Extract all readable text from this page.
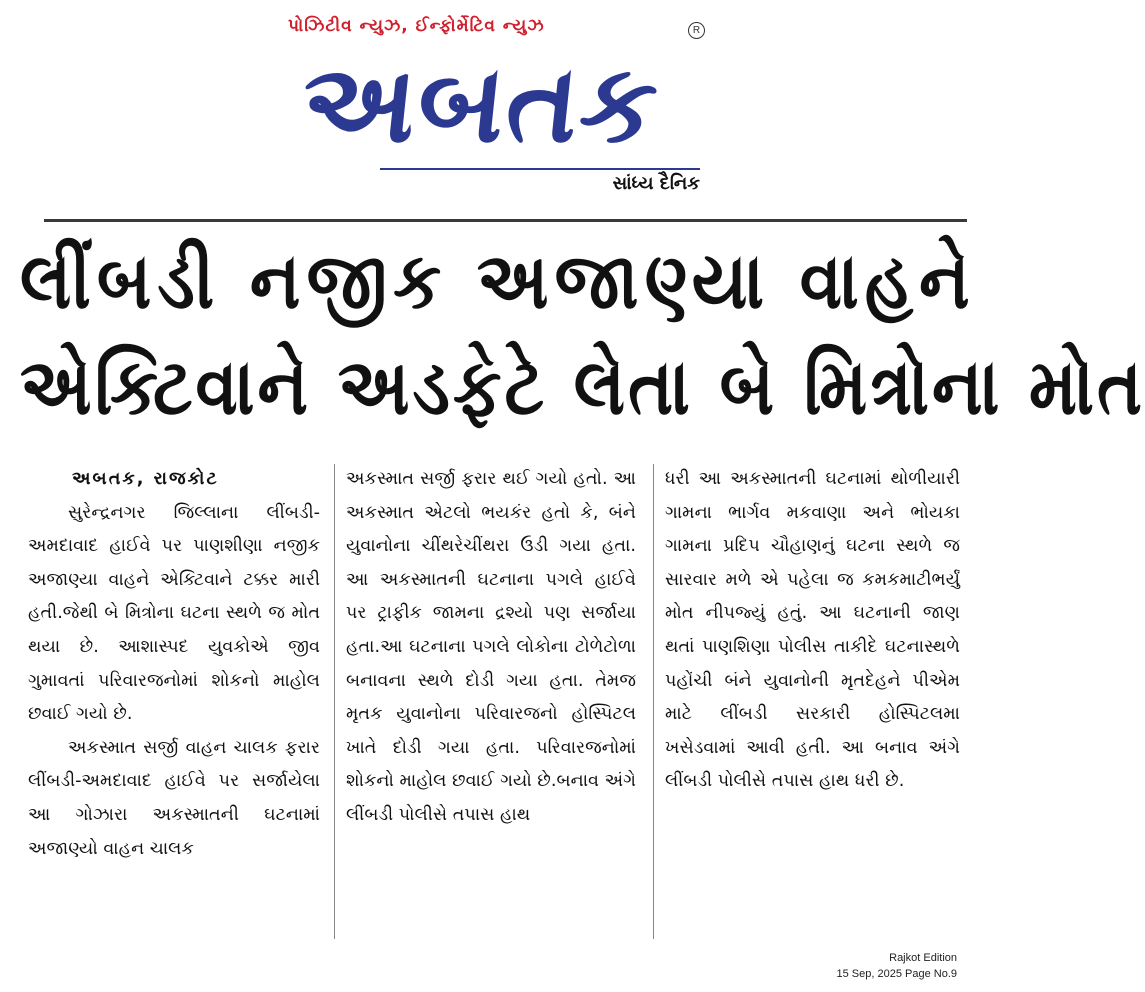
પોઝિટીવ ન્યુઝ, ઈન્ફોર્મેટિવ ન્યુઝ	R
અબતક
સાંધ્ય દૈનિક
લીંબડી નજીક અજાણ્યા વાહને
એક્ટિવાને અડફેટે લેતા બે મિત્રોના મોત

અબતક, રાજકોટ

સુરેન્દ્રનગર જિલ્લાના લીંબડી-અમદાવાદ હાઈવે પર પાણશીણા નજીક અજાણ્યા વાહને એક્ટિવાને ટક્કર મારી હતી.જેથી બે મિત્રોના ઘટના સ્થળે જ મોત થયા છે. આશાસ્પદ યુવકોએ જીવ ગુમાવતાં પરિવારજનોમાં શોકનો માહોલ છવાઈ ગયો છે.

અકસ્માત સર્જી વાહન ચાલક ફરાર લીંબડી-અમદાવાદ હાઈવે પર સર્જાયેલા આ ગોઝારા અકસ્માતની ઘટનામાં અજાણ્યો વાહન ચાલક

અકસ્માત સર્જી ફરાર થઈ ગયો હતો. આ અકસ્માત એટલો ભયકંર હતો કે, બંને યુવાનોના ચીંથરેચીંથરા ઉડી ગયા હતા. આ અકસ્માતની ઘટનાના પગલે હાઈવે પર ટ્રાફીક જામના દ્રશ્યો પણ સર્જાયા હતા.આ ઘટનાના પગલે લોકોના ટોળેટોળા બનાવના સ્થળે દોડી ગયા હતા. તેમજ મૃતક યુવાનોના પરિવારજનો હોસ્પિટલ ખાતે દોડી ગયા હતા. પરિવારજનોમાં શોકનો માહોલ છવાઈ ગયો છે.બનાવ અંગે લીંબડી પોલીસે તપાસ હાથ

ધરી આ અકસ્માતની ઘટનામાં થોળીયારી ગામના ભાર્ગવ મકવાણા અને ભોયકા ગામના પ્રદિપ ચૌહાણનું ઘટના સ્થળે જ સારવાર મળે એ પહેલા જ કમકમાટીભર્યું મોત નીપજ્યું હતું. આ ઘટનાની જાણ થતાં પાણશિણા પોલીસ તાકીદે ઘટનાસ્થળે પહોંચી બંને યુવાનોની મૃતદેહને પીએમ માટે લીંબડી સરકારી હોસ્પિટલમા ખસેડવામાં આવી હતી. આ બનાવ અંગે લીંબડી પોલીસે તપાસ હાથ ધરી છે.

Rajkot Edition
15 Sep, 2025 Page No.9
